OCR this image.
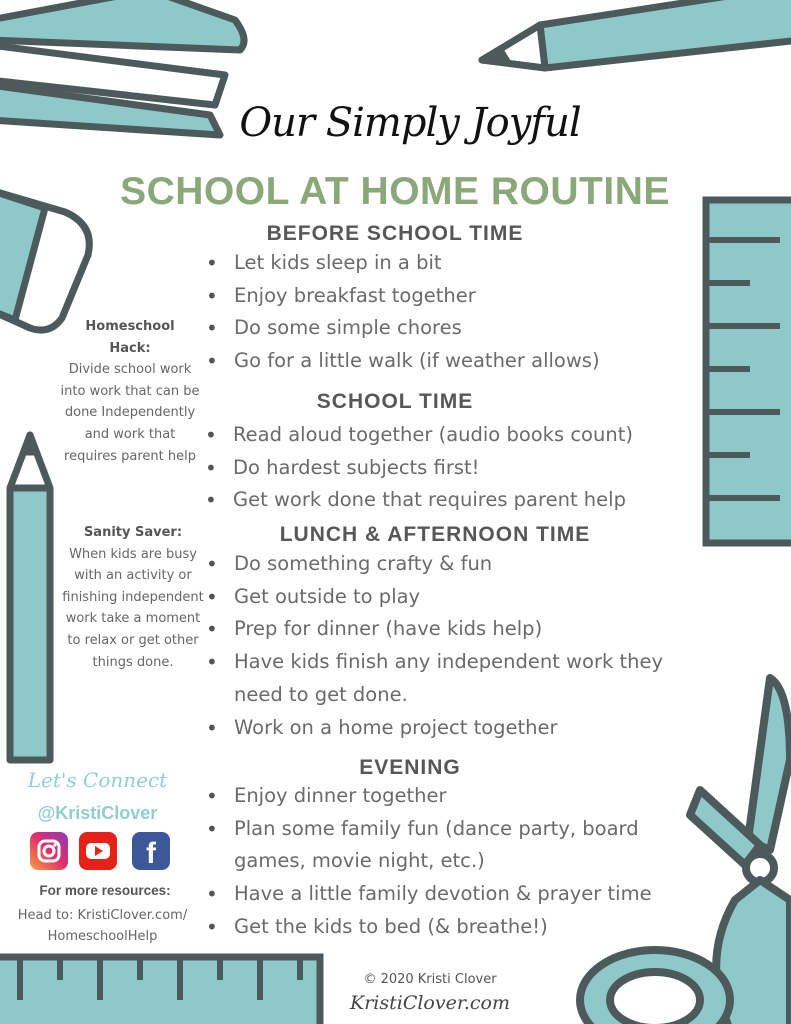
Our Simply Joyful
SCHOOL AT HOME ROUTINE
BEFORE SCHOOL TIME
• Let kids sleep in a bit
• Enjoy breakfast together
• Do some simple chores
• Go for a little walk (if weather allows)
SCHOOL TIME
• Read aloud together (audio books count)
• Do hardest subjects first!
• Get work done that requires parent help
LUNCH & AFTERNOON TIME
• Do something crafty & fun
• Get outside to play
• Prep for dinner (have kids help)
• Have kids finish any independent work they need to get done.
• Work on a home project together
EVENING
• Enjoy dinner together
• Plan some family fun (dance party, board games, movie night, etc.)
• Have a little family devotion & prayer time
• Get the kids to bed (& breathe!)
Homeschool Hack:
Divide school work into work that can be done Independently and work that requires parent help
Sanity Saver:
When kids are busy with an activity or finishing independent work take a moment to relax or get other things done.
Let's Connect
@KristiClover
f
For more resources:
Head to: KristiClover.com/ HomeschoolHelp
© 2020 Kristi Clover
KristiClover.com
